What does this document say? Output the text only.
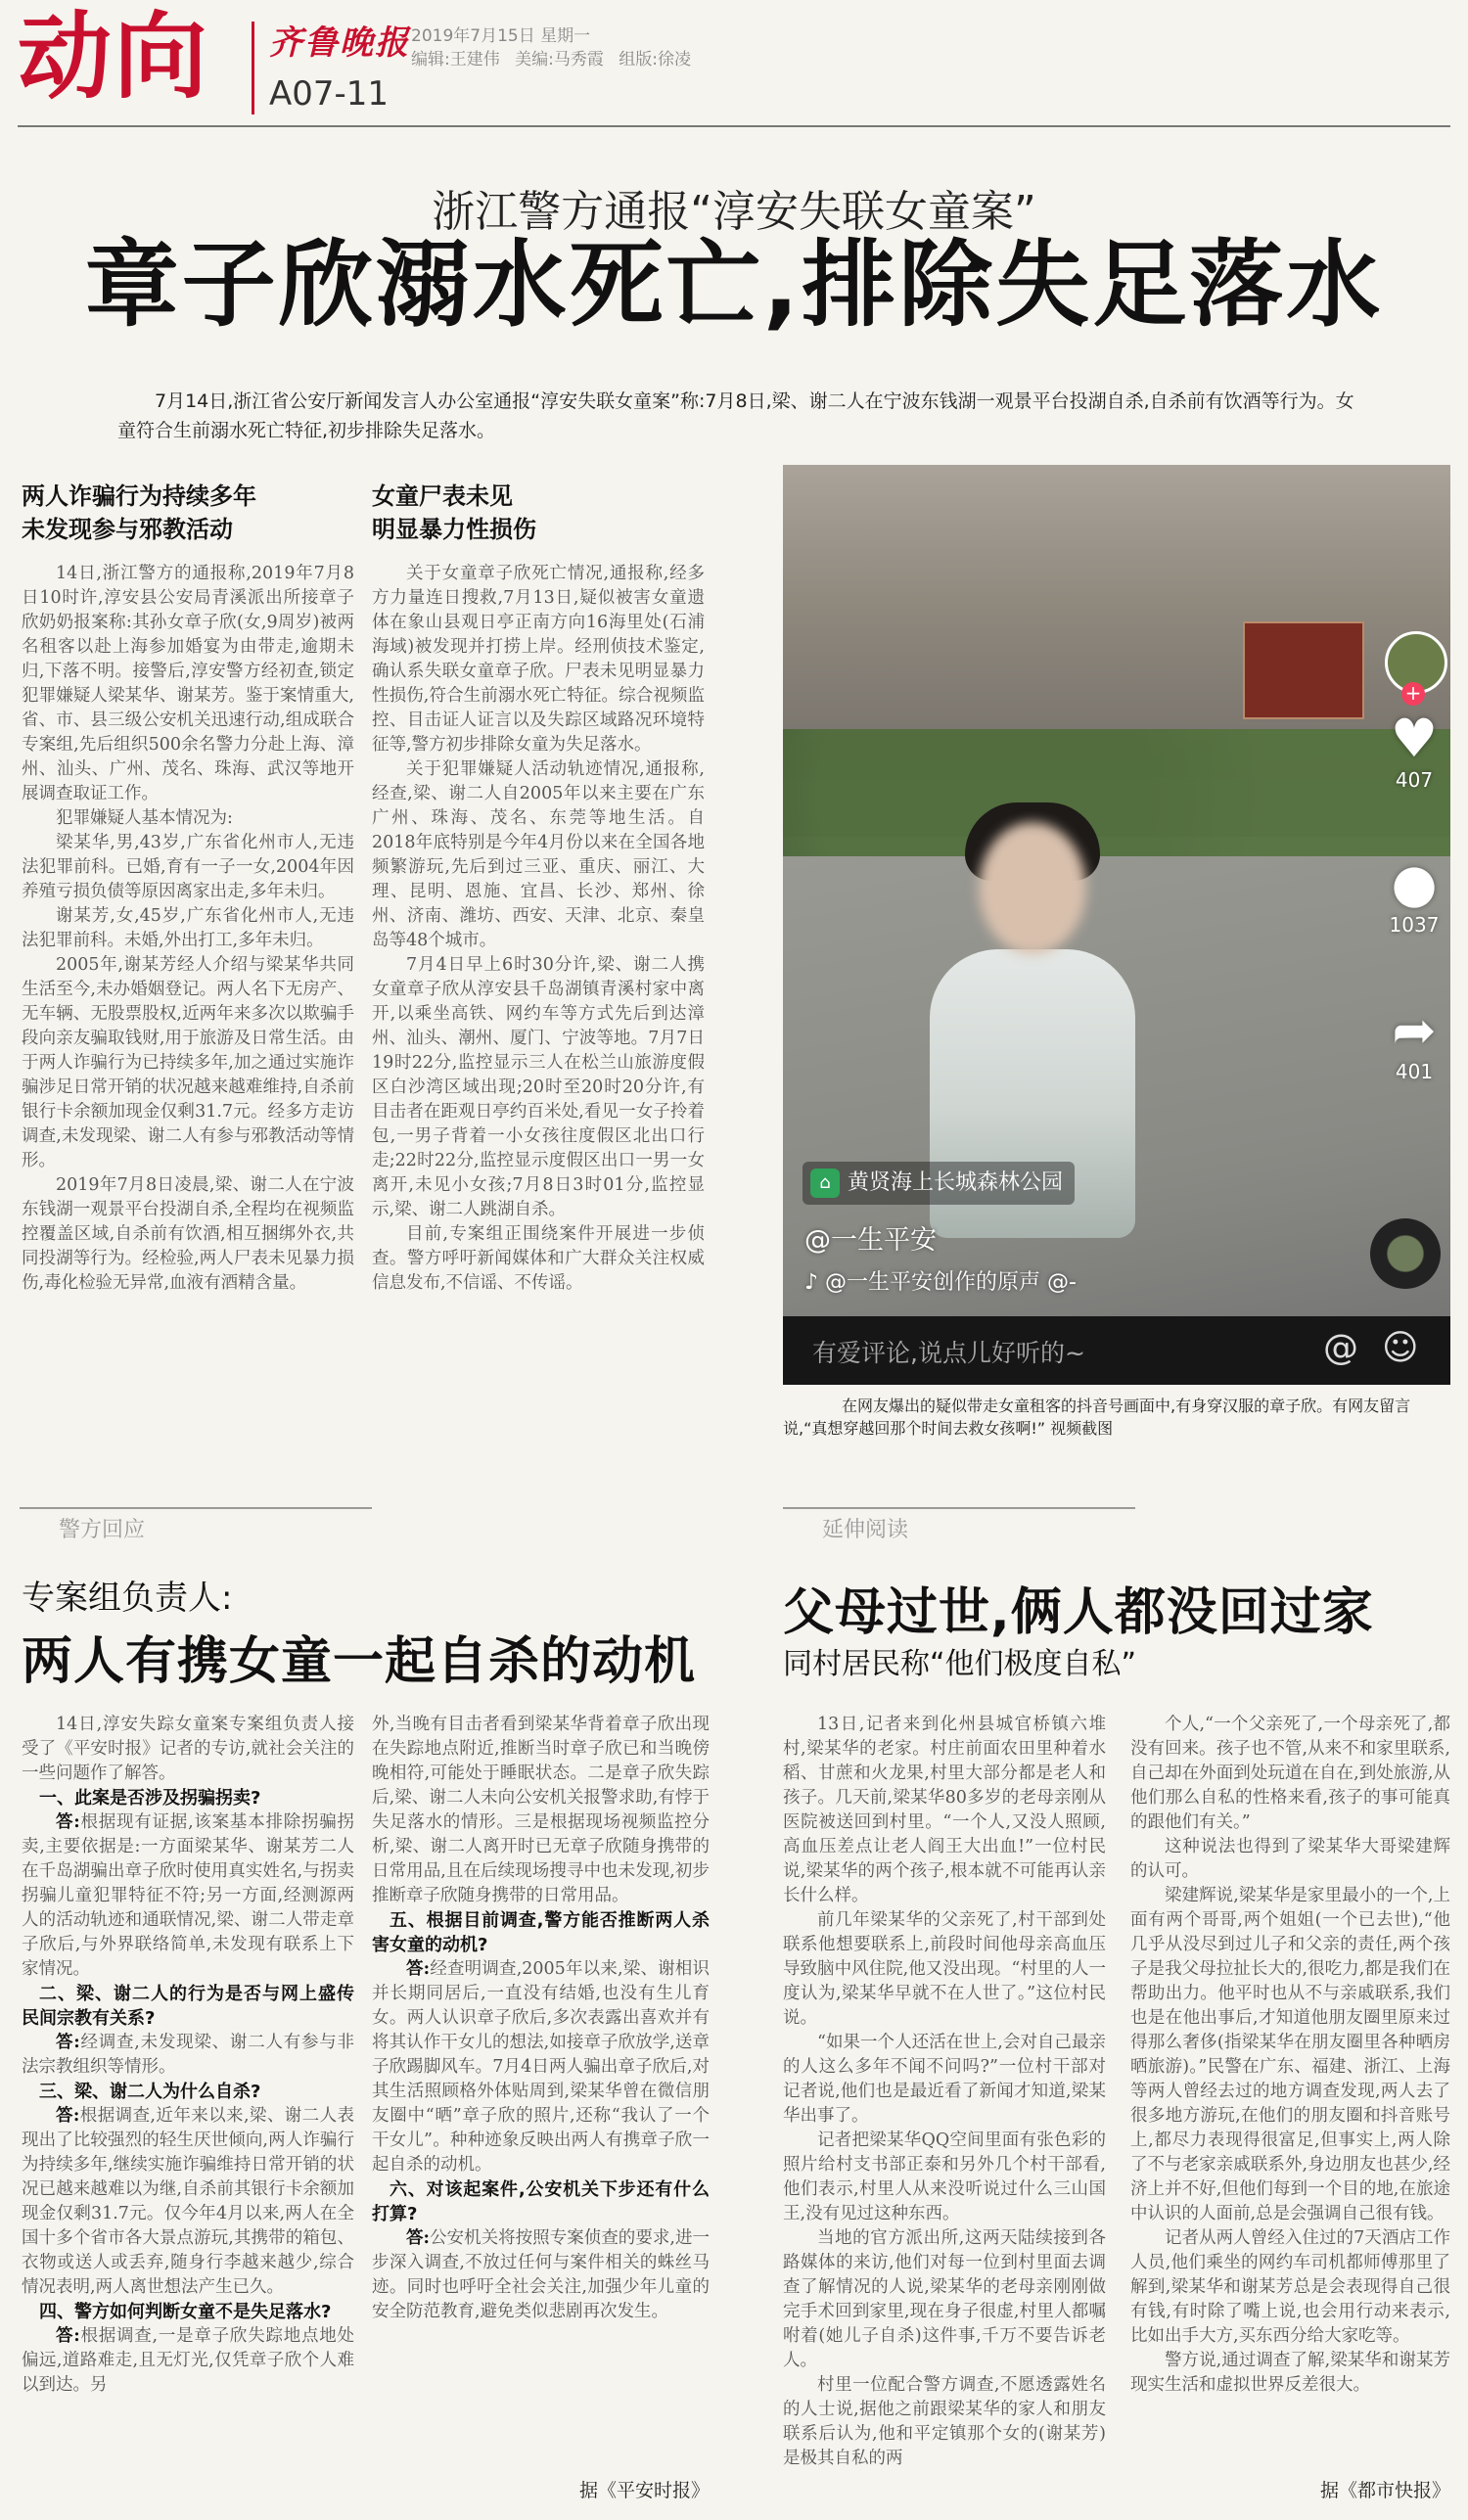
动向 齐鲁晚报
A07-11
2019年7月15日 星期一
编辑:王建伟 美编:马秀霞 组版:徐凌
浙江警方通报“淳安失联女童案”
章子欣溺水死亡,排除失足落水
7月14日,浙江省公安厅新闻发言人办公室通报“淳安失联女童案”称:7月8日,梁、谢二人在宁波东钱湖一观景平台投湖自杀,自杀前有饮酒等行为。女童符合生前溺水死亡特征,初步排除失足落水。
两人诈骗行为持续多年
未发现参与邪教活动

14日,浙江警方的通报称,2019年7月8日10时许,淳安县公安局青溪派出所接章子欣奶奶报案称:其孙女章子欣(女,9周岁)被两名租客以赴上海参加婚宴为由带走,逾期未归,下落不明。接警后,淳安警方经初查,锁定犯罪嫌疑人梁某华、谢某芳。鉴于案情重大,省、市、县三级公安机关迅速行动,组成联合专案组,先后组织500余名警力分赴上海、漳州、汕头、广州、茂名、珠海、武汉等地开展调查取证工作。

犯罪嫌疑人基本情况为:

梁某华,男,43岁,广东省化州市人,无违法犯罪前科。已婚,育有一子一女,2004年因养殖亏损负债等原因离家出走,多年未归。

谢某芳,女,45岁,广东省化州市人,无违法犯罪前科。未婚,外出打工,多年未归。

2005年,谢某芳经人介绍与梁某华共同生活至今,未办婚姻登记。两人名下无房产、无车辆、无股票股权,近两年来多次以欺骗手段向亲友骗取钱财,用于旅游及日常生活。由于两人诈骗行为已持续多年,加之通过实施诈骗涉足日常开销的状况越来越难维持,自杀前银行卡余额加现金仅剩31.7元。经多方走访调查,未发现梁、谢二人有参与邪教活动等情形。

2019年7月8日凌晨,梁、谢二人在宁波东钱湖一观景平台投湖自杀,全程均在视频监控覆盖区域,自杀前有饮酒,相互捆绑外衣,共同投湖等行为。经检验,两人尸表未见暴力损伤,毒化检验无异常,血液有酒精含量。

女童尸表未见
明显暴力性损伤

关于女童章子欣死亡情况,通报称,经多方力量连日搜救,7月13日,疑似被害女童遗体在象山县观日亭正南方向16海里处(石浦海域)被发现并打捞上岸。经刑侦技术鉴定,确认系失联女童章子欣。尸表未见明显暴力性损伤,符合生前溺水死亡特征。综合视频监控、目击证人证言以及失踪区域路况环境特征等,警方初步排除女童为失足落水。

关于犯罪嫌疑人活动轨迹情况,通报称,经查,梁、谢二人自2005年以来主要在广东广州、珠海、茂名、东莞等地生活。自2018年底特别是今年4月份以来在全国各地频繁游玩,先后到过三亚、重庆、丽江、大理、昆明、恩施、宜昌、长沙、郑州、徐州、济南、潍坊、西安、天津、北京、秦皇岛等48个城市。

7月4日早上6时30分许,梁、谢二人携女童章子欣从淳安县千岛湖镇青溪村家中离开,以乘坐高铁、网约车等方式先后到达漳州、汕头、潮州、厦门、宁波等地。7月7日19时22分,监控显示三人在松兰山旅游度假区白沙湾区域出现;20时至20时20分许,有目击者在距观日亭约百米处,看见一女子拎着包,一男子背着一小女孩往度假区北出口行走;22时22分,监控显示度假区出口一男一女离开,未见小女孩;7月8日3时01分,监控显示,梁、谢二人跳湖自杀。

目前,专案组正围绕案件开展进一步侦查。警方呼吁新闻媒体和广大群众关注权威信息发布,不信谣、不传谣。

+
♥
407
●
1037
➦
401
⌂ 黄贤海上长城森林公园
@一生平安
♪ @一生平安创作的原声 @-
有爱评论,说点儿好听的~	@ ☺
在网友爆出的疑似带走女童租客的抖音号画面中,有身穿汉服的章子欣。有网友留言说,“真想穿越回那个时间去救女孩啊!” 视频截图
警方回应
专案组负责人:
两人有携女童一起自杀的动机

14日,淳安失踪女童案专案组负责人接受了《平安时报》记者的专访,就社会关注的一些问题作了解答。

一、此案是否涉及拐骗拐卖?

答:根据现有证据,该案基本排除拐骗拐卖,主要依据是:一方面梁某华、谢某芳二人在千岛湖骗出章子欣时使用真实姓名,与拐卖拐骗儿童犯罪特征不符;另一方面,经测源两人的活动轨迹和通联情况,梁、谢二人带走章子欣后,与外界联络简单,未发现有联系上下家情况。

二、梁、谢二人的行为是否与网上盛传民间宗教有关系?

答:经调查,未发现梁、谢二人有参与非法宗教组织等情形。

三、梁、谢二人为什么自杀?

答:根据调查,近年来以来,梁、谢二人表现出了比较强烈的轻生厌世倾向,两人诈骗行为持续多年,继续实施诈骗维持日常开销的状况已越来越难以为继,自杀前其银行卡余额加现金仅剩31.7元。仅今年4月以来,两人在全国十多个省市各大景点游玩,其携带的箱包、衣物或送人或丢弃,随身行李越来越少,综合情况表明,两人离世想法产生已久。

四、警方如何判断女童不是失足落水?

答:根据调查,一是章子欣失踪地点地处偏远,道路难走,且无灯光,仅凭章子欣个人难以到达。另

外,当晚有目击者看到梁某华背着章子欣出现在失踪地点附近,推断当时章子欣已和当晚傍晚相符,可能处于睡眠状态。二是章子欣失踪后,梁、谢二人未向公安机关报警求助,有悖于失足落水的情形。三是根据现场视频监控分析,梁、谢二人离开时已无章子欣随身携带的日常用品,且在后续现场搜寻中也未发现,初步推断章子欣随身携带的日常用品。

五、根据目前调查,警方能否推断两人杀害女童的动机?

答:经查明调查,2005年以来,梁、谢相识并长期同居后,一直没有结婚,也没有生儿育女。两人认识章子欣后,多次表露出喜欢并有将其认作干女儿的想法,如接章子欣放学,送章子欣踢脚风车。7月4日两人骗出章子欣后,对其生活照顾格外体贴周到,梁某华曾在微信朋友圈中“晒”章子欣的照片,还称“我认了一个干女儿”。种种迹象反映出两人有携章子欣一起自杀的动机。

六、对该起案件,公安机关下步还有什么打算?

答:公安机关将按照专案侦查的要求,进一步深入调查,不放过任何与案件相关的蛛丝马迹。同时也呼吁全社会关注,加强少年儿童的安全防范教育,避免类似悲剧再次发生。

据《平安时报》
延伸阅读
父母过世,俩人都没回过家
同村居民称“他们极度自私”

13日,记者来到化州县城官桥镇六堆村,梁某华的老家。村庄前面农田里种着水稻、甘蔗和火龙果,村里大部分都是老人和孩子。几天前,梁某华80多岁的老母亲刚从医院被送回到村里。“一个人,又没人照顾,高血压差点让老人阎王大出血!”一位村民说,梁某华的两个孩子,根本就不可能再认亲长什么样。

前几年梁某华的父亲死了,村干部到处联系他想要联系上,前段时间他母亲高血压导致脑中风住院,他又没出现。“村里的人一度认为,梁某华早就不在人世了。”这位村民说。

“如果一个人还活在世上,会对自己最亲的人这么多年不闻不问吗?”一位村干部对记者说,他们也是最近看了新闻才知道,梁某华出事了。

记者把梁某华QQ空间里面有张色彩的照片给村支书部正泰和另外几个村干部看,他们表示,村里人从来没听说过什么三山国王,没有见过这种东西。

当地的官方派出所,这两天陆续接到各路媒体的来访,他们对每一位到村里面去调查了解情况的人说,梁某华的老母亲刚刚做完手术回到家里,现在身子很虚,村里人都嘱咐着(她儿子自杀)这件事,千万不要告诉老人。

村里一位配合警方调查,不愿透露姓名的人士说,据他之前跟梁某华的家人和朋友联系后认为,他和平定镇那个女的(谢某芳)是极其自私的两

个人,“一个父亲死了,一个母亲死了,都没有回来。孩子也不管,从来不和家里联系,自己却在外面到处玩道在自在,到处旅游,从他们那么自私的性格来看,孩子的事可能真的跟他们有关。”

这种说法也得到了梁某华大哥梁建辉的认可。

梁建辉说,梁某华是家里最小的一个,上面有两个哥哥,两个姐姐(一个已去世),“他几乎从没尽到过儿子和父亲的责任,两个孩子是我父母拉扯长大的,很吃力,都是我们在帮助出力。他平时也从不与亲戚联系,我们也是在他出事后,才知道他朋友圈里原来过得那么奢侈(指梁某华在朋友圈里各种晒房晒旅游)。”民警在广东、福建、浙江、上海等两人曾经去过的地方调查发现,两人去了很多地方游玩,在他们的朋友圈和抖音账号上,都尽力表现得很富足,但事实上,两人除了不与老家亲戚联系外,身边朋友也甚少,经济上并不好,但他们每到一个目的地,在旅途中认识的人面前,总是会强调自己很有钱。

记者从两人曾经入住过的7天酒店工作人员,他们乘坐的网约车司机都师傅那里了解到,梁某华和谢某芳总是会表现得自己很有钱,有时除了嘴上说,也会用行动来表示,比如出手大方,买东西分给大家吃等。

警方说,通过调查了解,梁某华和谢某芳现实生活和虚拟世界反差很大。

据《都市快报》
